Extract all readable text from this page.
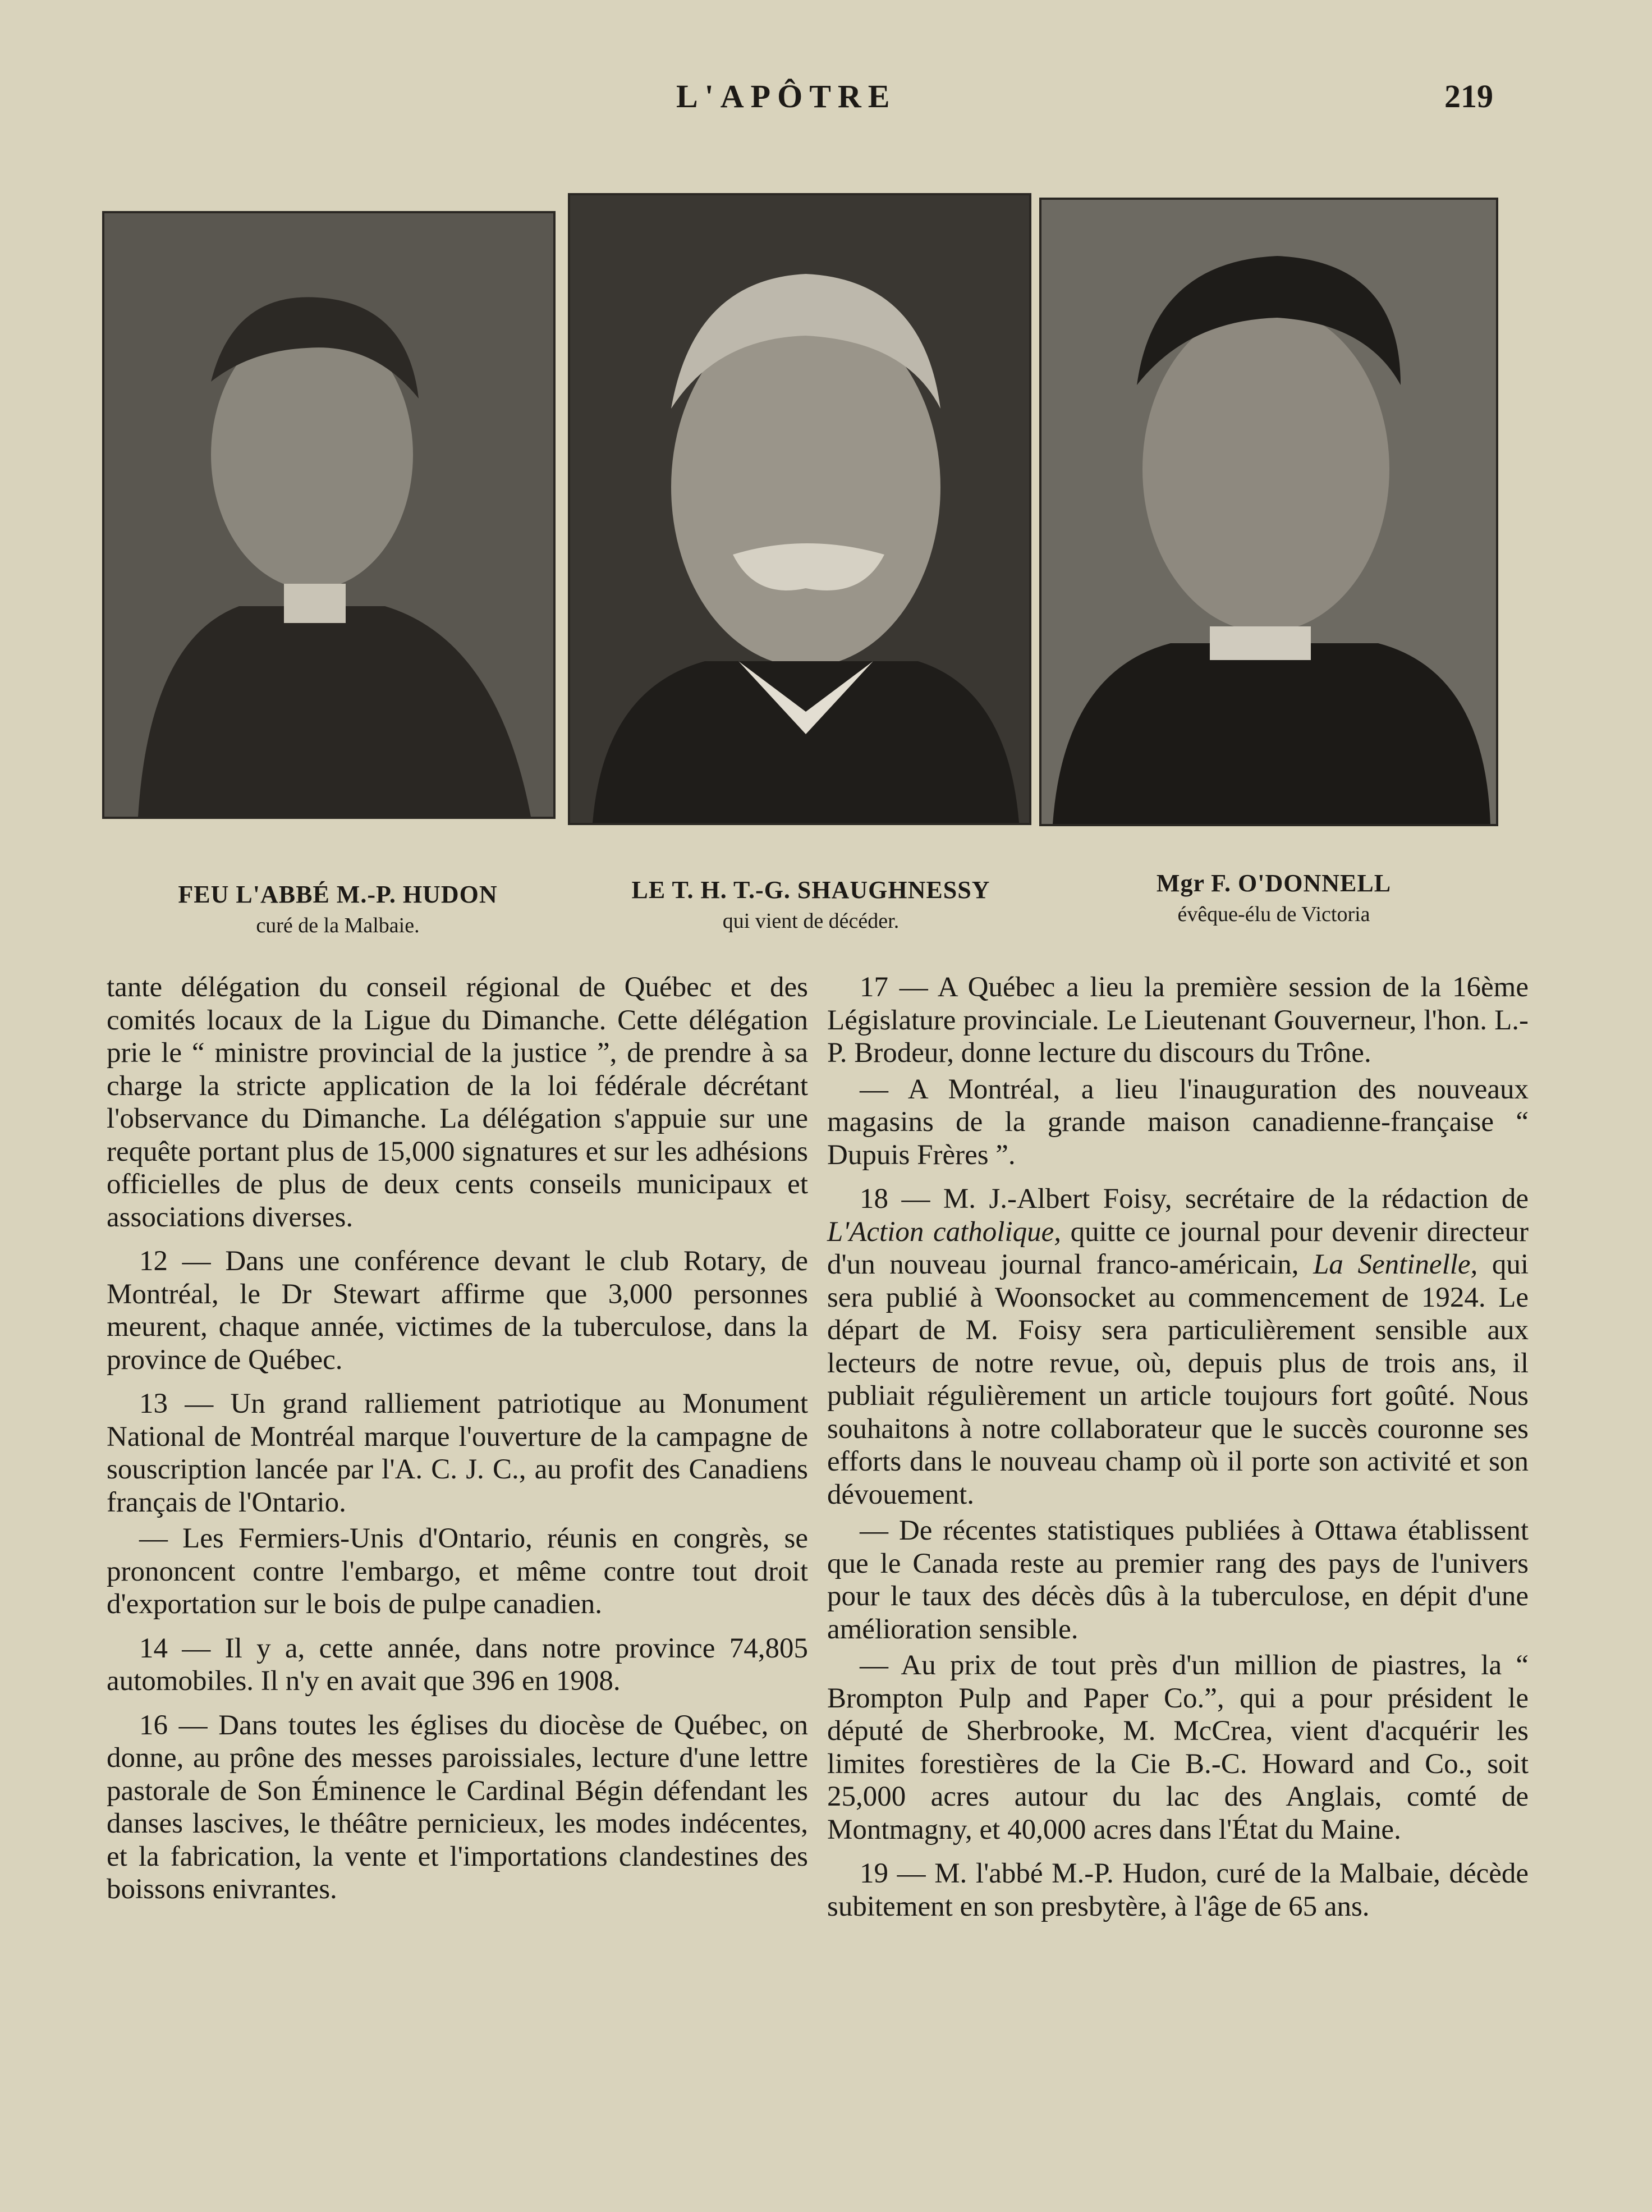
L'APÔTRE	219
FEU L'ABBÉ M.-P. HUDON
curé de la Malbaie.
LE T. H. T.-G. SHAUGHNESSY
qui vient de décéder.
Mgr F. O'DONNELL
évêque-élu de Victoria

tante délégation du conseil régional de Québec et des comités locaux de la Ligue du Dimanche. Cette délégation prie le “ ministre provincial de la justice ”, de prendre à sa charge la stricte application de la loi fédérale décrétant l'observance du Dimanche. La délégation s'appuie sur une requête portant plus de 15,000 signatures et sur les adhésions officielles de plus de deux cents conseils municipaux et associations diverses.

12 — Dans une conférence devant le club Rotary, de Montréal, le Dr Stewart affirme que 3,000 personnes meurent, chaque année, victimes de la tuberculose, dans la province de Québec.

13 — Un grand ralliement patriotique au Monument National de Montréal marque l'ouverture de la campagne de souscription lancée par l'A. C. J. C., au profit des Canadiens français de l'Ontario.

— Les Fermiers-Unis d'Ontario, réunis en congrès, se prononcent contre l'embargo, et même contre tout droit d'exportation sur le bois de pulpe canadien.

14 — Il y a, cette année, dans notre province 74,805 automobiles. Il n'y en avait que 396 en 1908.

16 — Dans toutes les églises du diocèse de Québec, on donne, au prône des messes paroissiales, lecture d'une lettre pastorale de Son Éminence le Cardinal Bégin défendant les danses lascives, le théâtre pernicieux, les modes indécentes, et la fabrication, la vente et l'importations clandestines des boissons enivrantes.

17 — A Québec a lieu la première session de la 16ème Législature provinciale. Le Lieutenant Gouverneur, l'hon. L.-P. Brodeur, donne lecture du discours du Trône.

— A Montréal, a lieu l'inauguration des nouveaux magasins de la grande maison canadienne-française “ Dupuis Frères ”.

18 — M. J.-Albert Foisy, secrétaire de la rédaction de L'Action catholique, quitte ce journal pour devenir directeur d'un nouveau journal franco-américain, La Sentinelle, qui sera publié à Woonsocket au commencement de 1924. Le départ de M. Foisy sera particulièrement sensible aux lecteurs de notre revue, où, depuis plus de trois ans, il publiait régulièrement un article toujours fort goûté. Nous souhaitons à notre collaborateur que le succès couronne ses efforts dans le nouveau champ où il porte son activité et son dévouement.

— De récentes statistiques publiées à Ottawa établissent que le Canada reste au premier rang des pays de l'univers pour le taux des décès dûs à la tuberculose, en dépit d'une amélioration sensible.

— Au prix de tout près d'un million de piastres, la “ Brompton Pulp and Paper Co.”, qui a pour président le député de Sherbrooke, M. McCrea, vient d'acquérir les limites forestières de la Cie B.-C. Howard and Co., soit 25,000 acres autour du lac des Anglais, comté de Montmagny, et 40,000 acres dans l'État du Maine.

19 — M. l'abbé M.-P. Hudon, curé de la Malbaie, décède subitement en son presbytère, à l'âge de 65 ans.
